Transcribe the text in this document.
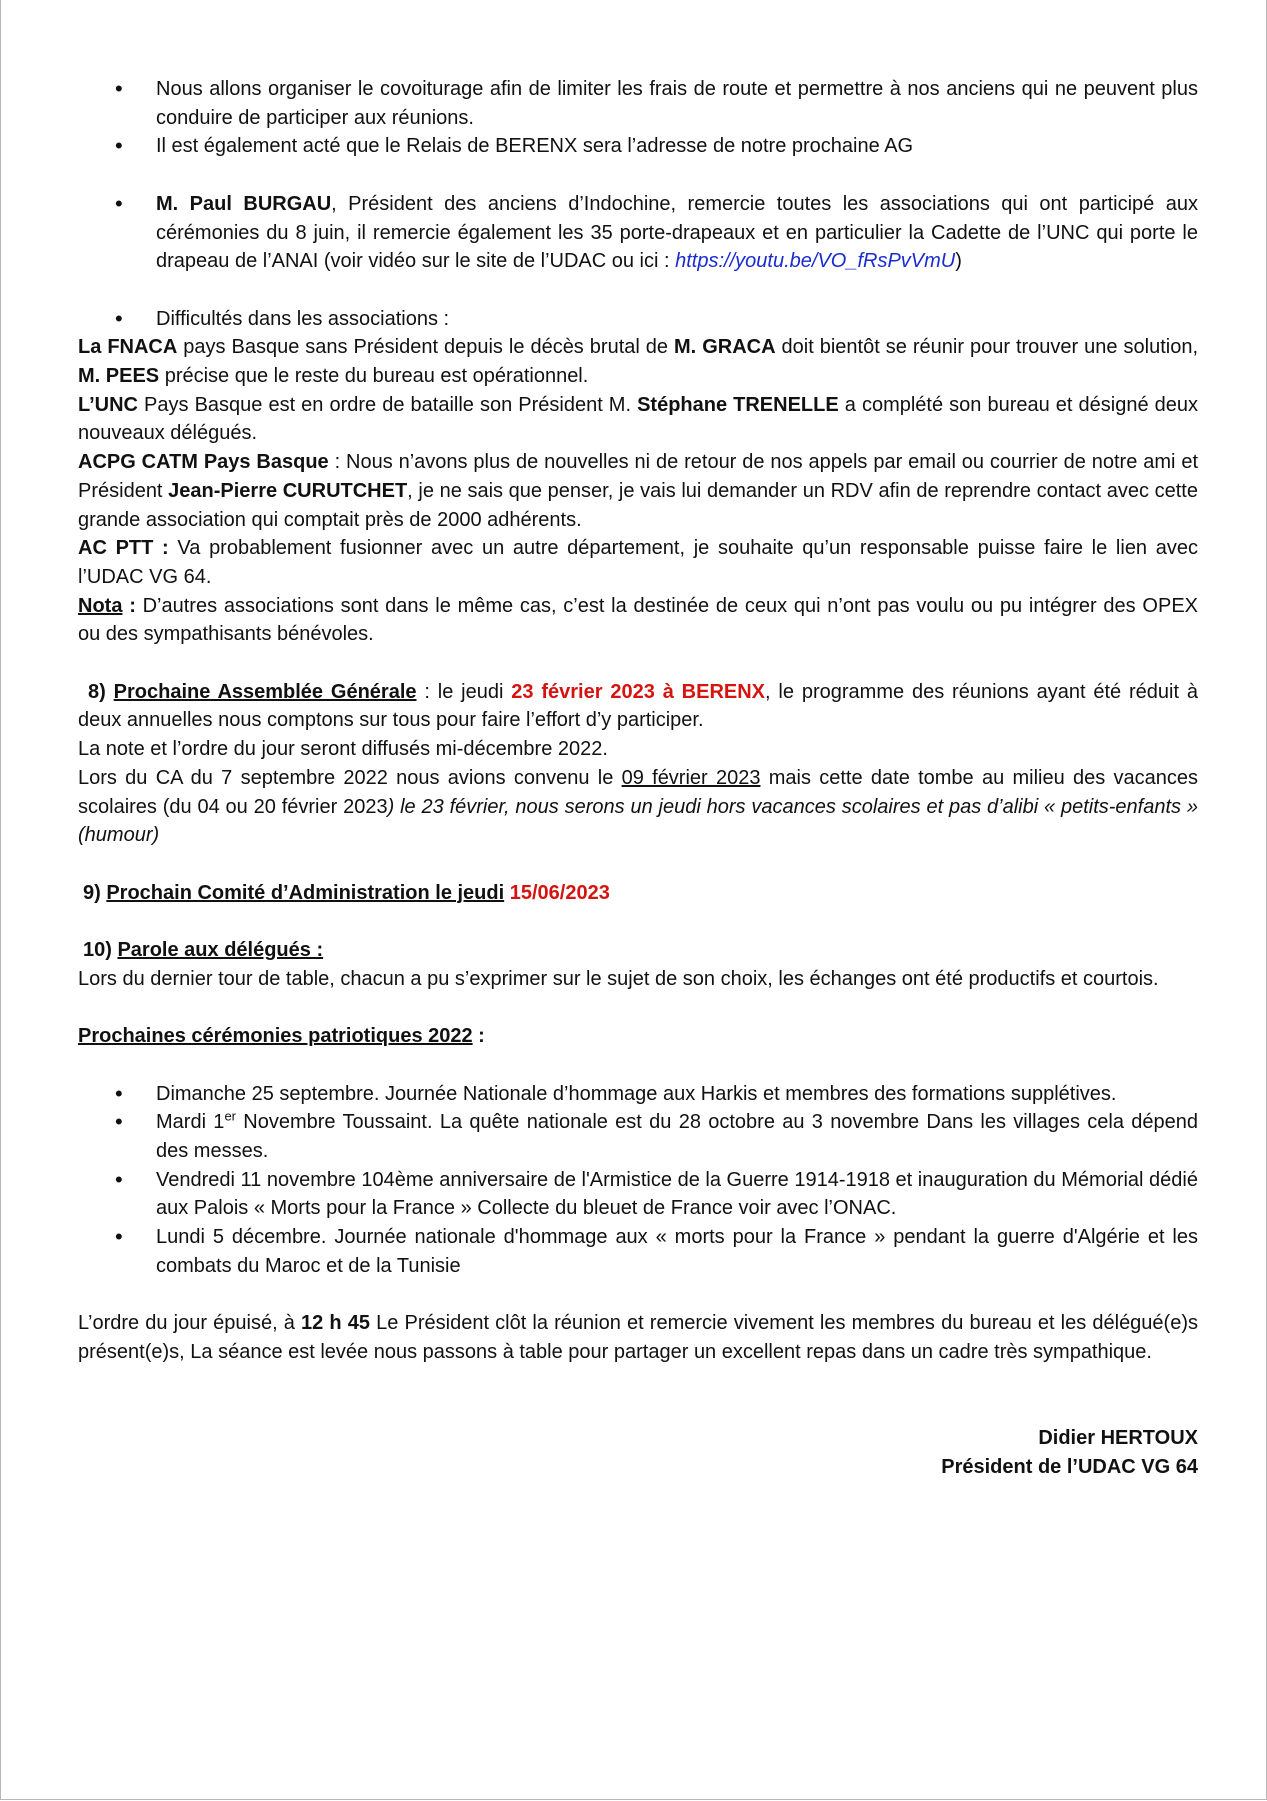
• Nous allons organiser le covoiturage afin de limiter les frais de route et permettre à nos anciens qui ne peuvent plus conduire de participer aux réunions.

• Il est également acté que le Relais de BERENX sera l’adresse de notre prochaine AG

• M. Paul BURGAU, Président des anciens d’Indochine, remercie toutes les associations qui ont participé aux cérémonies du 8 juin, il remercie également les 35 porte-drapeaux et en particulier la Cadette de l’UNC qui porte le drapeau de l’ANAI (voir vidéo sur le site de l’UDAC ou ici : https://youtu.be/VO_fRsPvVmU)

• Difficultés dans les associations :

La FNACA pays Basque sans Président depuis le décès brutal de M. GRACA doit bientôt se réunir pour trouver une solution, M. PEES précise que le reste du bureau est opérationnel.

L’UNC Pays Basque est en ordre de bataille son Président M. Stéphane TRENELLE a complété son bureau et désigné deux nouveaux délégués.

ACPG CATM Pays Basque : Nous n’avons plus de nouvelles ni de retour de nos appels par email ou courrier de notre ami et Président Jean-Pierre CURUTCHET, je ne sais que penser, je vais lui demander un RDV afin de reprendre contact avec cette grande association qui comptait près de 2000 adhérents.

AC PTT : Va probablement fusionner avec un autre département, je souhaite qu’un responsable puisse faire le lien avec l’UDAC VG 64.

Nota : D’autres associations sont dans le même cas, c’est la destinée de ceux qui n’ont pas voulu ou pu intégrer des OPEX ou des sympathisants bénévoles.

8) Prochaine Assemblée Générale : le jeudi 23 février 2023 à BERENX, le programme des réunions ayant été réduit à deux annuelles nous comptons sur tous pour faire l’effort d’y participer.

La note et l’ordre du jour seront diffusés mi-décembre 2022.

Lors du CA du 7 septembre 2022 nous avions convenu le 09 février 2023 mais cette date tombe au milieu des vacances scolaires (du 04 ou 20 février 2023) le 23 février, nous serons un jeudi hors vacances scolaires et pas d’alibi « petits-enfants » (humour)

9) Prochain Comité d’Administration le jeudi 15/06/2023

10) Parole aux délégués :

Lors du dernier tour de table, chacun a pu s’exprimer sur le sujet de son choix, les échanges ont été productifs et courtois.

Prochaines cérémonies patriotiques 2022 :

• Dimanche 25 septembre. Journée Nationale d’hommage aux Harkis et membres des formations supplétives.

• Mardi 1er Novembre Toussaint. La quête nationale est du 28 octobre au 3 novembre Dans les villages cela dépend des messes.

• Vendredi 11 novembre 104ème anniversaire de l'Armistice de la Guerre 1914-1918 et inauguration du Mémorial dédié aux Palois « Morts pour la France » Collecte du bleuet de France voir avec l’ONAC.

• Lundi 5 décembre. Journée nationale d'hommage aux « morts pour la France » pendant la guerre d'Algérie et les combats du Maroc et de la Tunisie

L’ordre du jour épuisé, à 12 h 45 Le Président clôt la réunion et remercie vivement les membres du bureau et les délégué(e)s présent(e)s, La séance est levée nous passons à table pour partager un excellent repas dans un cadre très sympathique.

Didier HERTOUX

Président de l’UDAC VG 64
